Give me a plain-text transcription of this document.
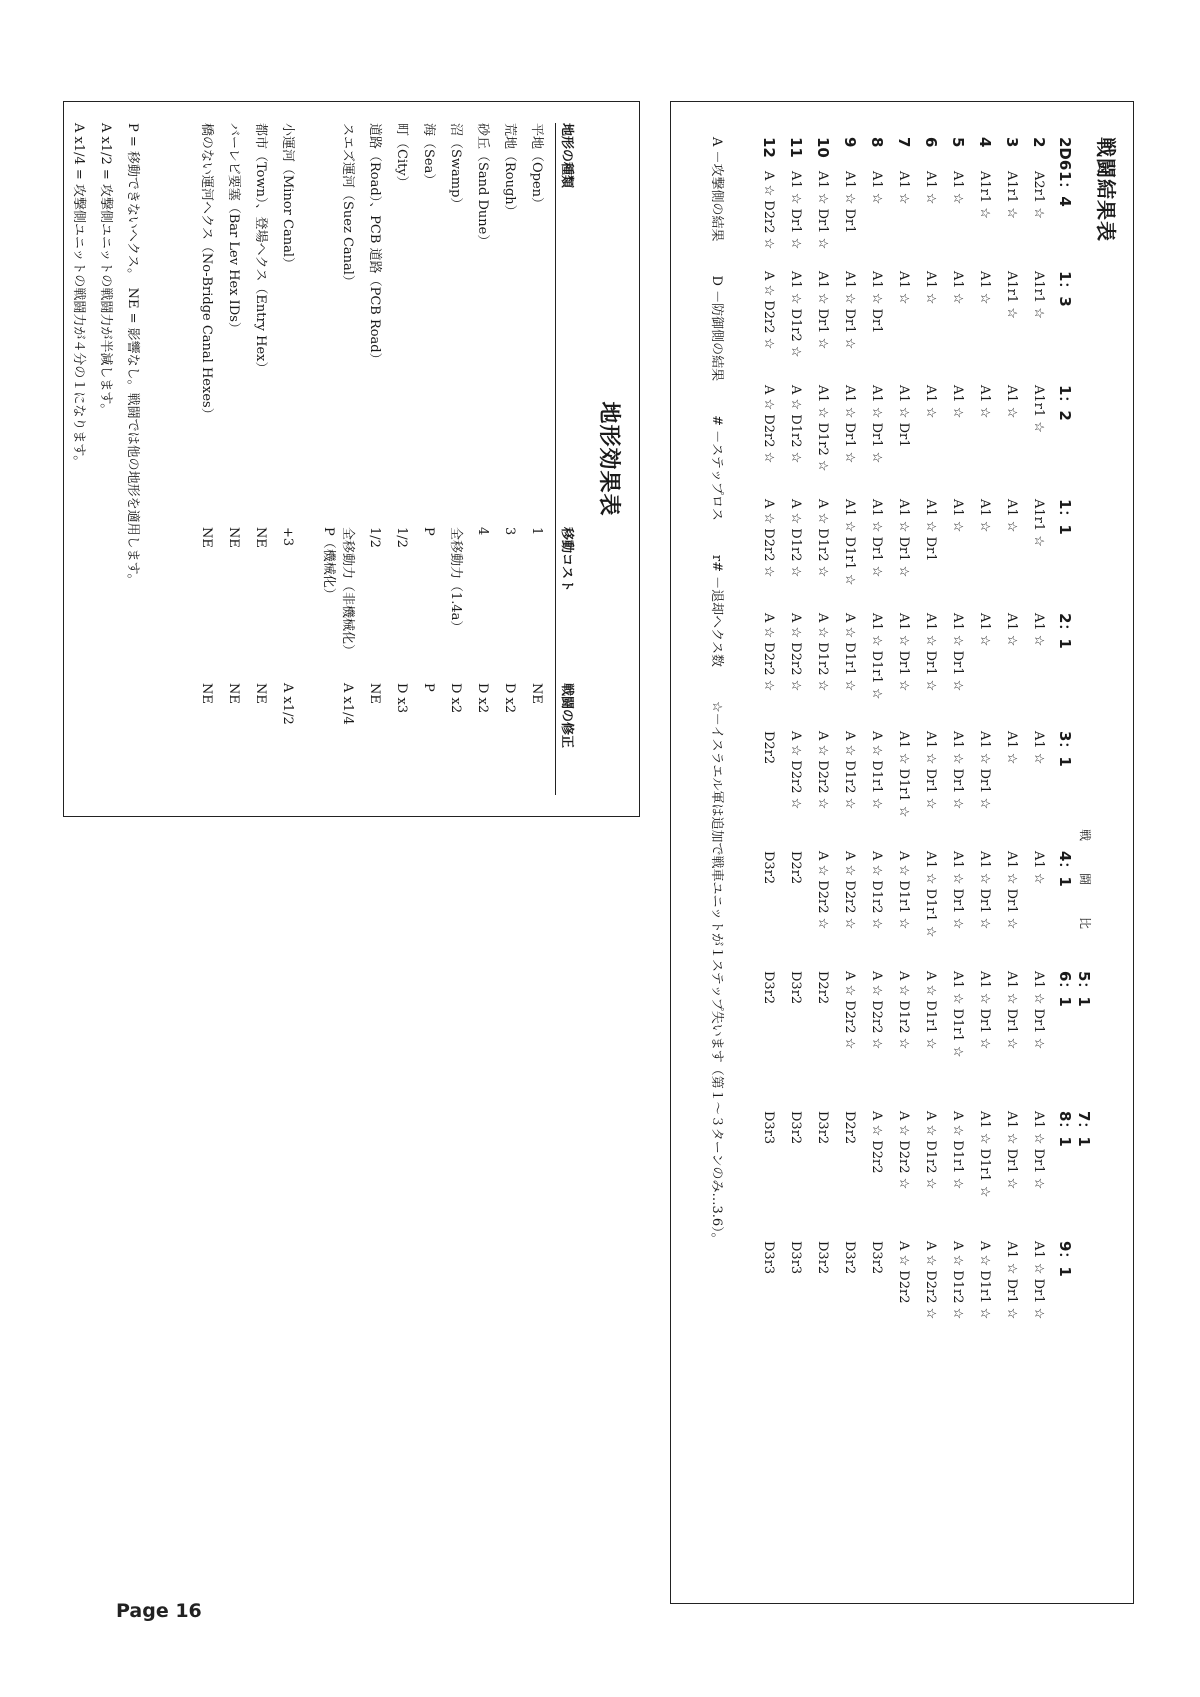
Page 16
戦闘結果表
戦　闘　比
2D6
1：4
1：3
1：2
1：1
2：1
3：1
4：1
5：1
6：1
7：1
8：1
9：1
2
A2r1 ☆
A1r1 ☆
A1r1 ☆
A1r1 ☆
A1 ☆
A1 ☆
A1 ☆
A1 ☆ Dr1 ☆
A1 ☆ Dr1 ☆
A1 ☆ Dr1 ☆
3
A1r1 ☆
A1r1 ☆
A1 ☆
A1 ☆
A1 ☆
A1 ☆
A1 ☆ Dr1 ☆
A1 ☆ Dr1 ☆
A1 ☆ Dr1 ☆
A1 ☆ Dr1 ☆
4
A1r1 ☆
A1 ☆
A1 ☆
A1 ☆
A1 ☆
A1 ☆ Dr1 ☆
A1 ☆ Dr1 ☆
A1 ☆ Dr1 ☆
A1 ☆ D1r1 ☆
A ☆ D1r1 ☆
5
A1 ☆
A1 ☆
A1 ☆
A1 ☆
A1 ☆ Dr1 ☆
A1 ☆ Dr1 ☆
A1 ☆ Dr1 ☆
A1 ☆ D1r1 ☆
A ☆ D1r1 ☆
A ☆ D1r2 ☆
6
A1 ☆
A1 ☆
A1 ☆
A1 ☆ Dr1
A1 ☆ Dr1 ☆
A1 ☆ Dr1 ☆
A1 ☆ D1r1 ☆
A ☆ D1r1 ☆
A ☆ D1r2 ☆
A ☆ D2r2 ☆
7
A1 ☆
A1 ☆
A1 ☆ Dr1
A1 ☆ Dr1 ☆
A1 ☆ Dr1 ☆
A1 ☆ D1r1 ☆
A ☆ D1r1 ☆
A ☆ D1r2 ☆
A ☆ D2r2 ☆
A ☆ D2r2
8
A1 ☆
A1 ☆ Dr1
A1 ☆ Dr1 ☆
A1 ☆ Dr1 ☆
A1 ☆ D1r1 ☆
A ☆ D1r1 ☆
A ☆ D1r2 ☆
A ☆ D2r2 ☆
A ☆ D2r2
D3r2
9
A1 ☆ Dr1
A1 ☆ Dr1 ☆
A1 ☆ Dr1 ☆
A1 ☆ D1r1 ☆
A ☆ D1r1 ☆
A ☆ D1r2 ☆
A ☆ D2r2 ☆
A ☆ D2r2 ☆
D2r2
D3r2
10
A1 ☆ Dr1 ☆
A1 ☆ Dr1 ☆
A1 ☆ D1r2 ☆
A ☆ D1r2 ☆
A ☆ D1r2 ☆
A ☆ D2r2 ☆
A ☆ D2r2 ☆
D2r2
D3r2
D3r2
11
A1 ☆ Dr1 ☆
A1 ☆ D1r2 ☆
A ☆ D1r2 ☆
A ☆ D1r2 ☆
A ☆ D2r2 ☆
A ☆ D2r2 ☆
D2r2
D3r2
D3r2
D3r3
12
A ☆ D2r2 ☆
A ☆ D2r2 ☆
A ☆ D2r2 ☆
A ☆ D2r2 ☆
A ☆ D2r2 ☆
D2r2
D3r2
D3r2
D3r3
D3r3
A －攻撃側の結果D －防御側の結果# －ステップロスr# －退却ヘクス数☆－イスラエル軍は追加で戦車ユニットが１ステップ失います（第１～３ターンのみ…3.6）。
地形効果表
地形の種類
移動コスト
戦闘の修正
平地（Open）
1
NE
荒地（Rough）
3
D x2
砂丘（Sand Dune）
4
D x2
沼（Swamp）
全移動力（1.4a）
D x2
海（Sea）
P
P
町（City）
1/2
D x3
道路（Road）、PCB 道路（PCB Road）
1/2
NE
スエズ運河（Suez Canal）
全移動力（非機械化）
P（機械化）
A x1/4
小運河（Minor Canal）
+3
A x1/2
都市（Town）、登場ヘクス（Entry Hex）
NE
NE
バーレビ要塞（Bar Lev Hex IDs）
NE
NE
橋のない運河ヘクス（No-Bridge Canal Hexes）
NE
NE
P = 移動できないヘクス。　NE = 影響なし。戦闘では他の地形を適用します。
A x1/2 = 攻撃側ユニットの戦闘力が半減します。
A x1/4 = 攻撃側ユニットの戦闘力が４分の１になります。
